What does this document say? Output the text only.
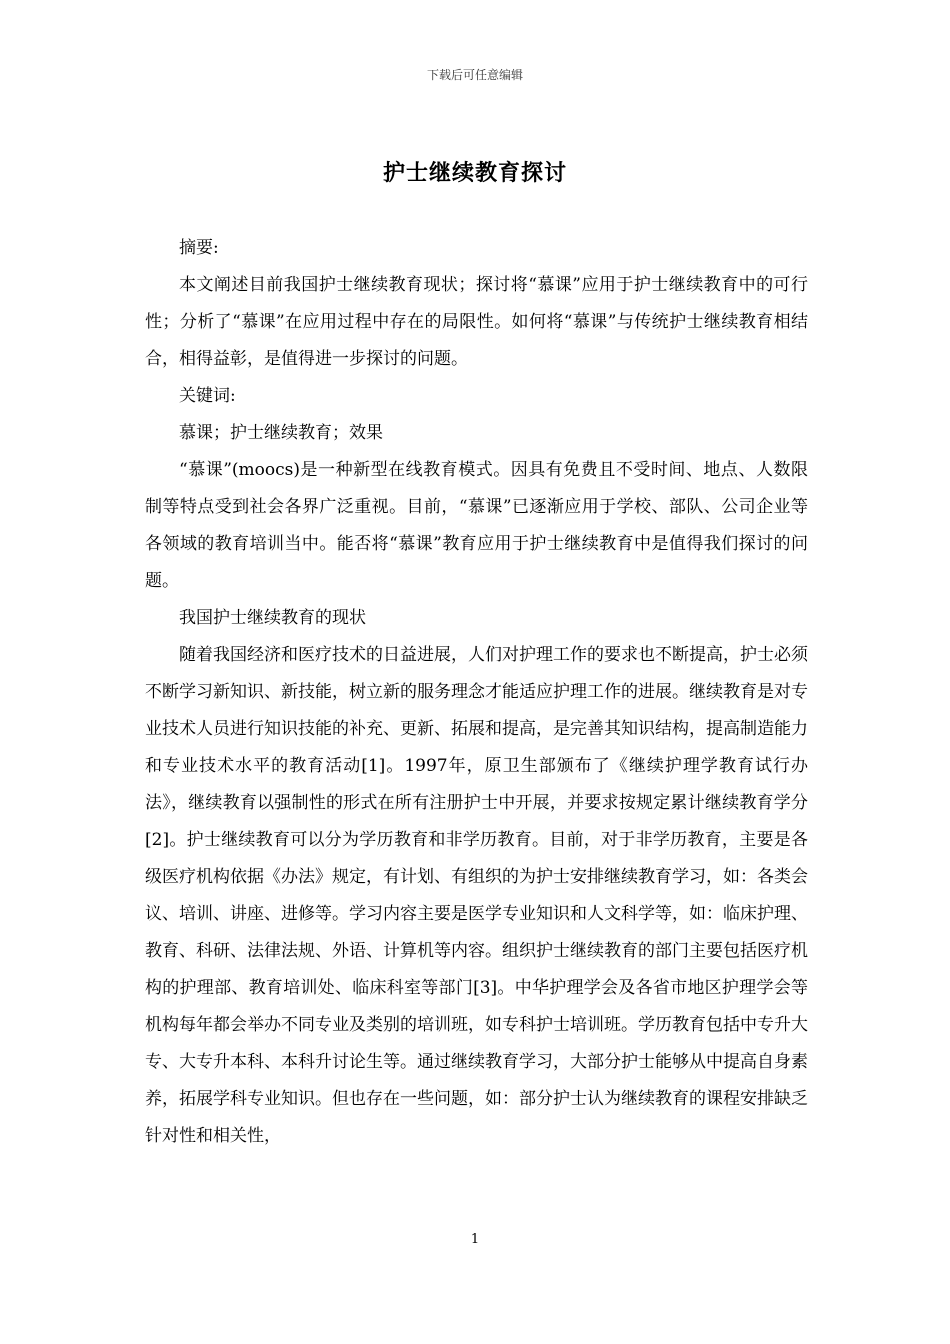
下载后可任意编辑
护士继续教育探讨

摘要:

本文阐述目前我国护士继续教育现状；探讨将“慕课”应用于护士继续教育中的可行性；分析了“慕课”在应用过程中存在的局限性。如何将“慕课”与传统护士继续教育相结合，相得益彰，是值得进一步探讨的问题。

关键词:

慕课；护士继续教育；效果

“慕课”(moocs)是一种新型在线教育模式。因具有免费且不受时间、地点、人数限制等特点受到社会各界广泛重视。目前，“慕课”已逐渐应用于学校、部队、公司企业等各领域的教育培训当中。能否将“慕课”教育应用于护士继续教育中是值得我们探讨的问题。

我国护士继续教育的现状

随着我国经济和医疗技术的日益进展，人们对护理工作的要求也不断提高，护士必须不断学习新知识、新技能，树立新的服务理念才能适应护理工作的进展。继续教育是对专业技术人员进行知识技能的补充、更新、拓展和提高，是完善其知识结构，提高制造能力和专业技术水平的教育活动[1]。1997年，原卫生部颁布了《继续护理学教育试行办法》，继续教育以强制性的形式在所有注册护士中开展，并要求按规定累计继续教育学分[2]。护士继续教育可以分为学历教育和非学历教育。目前，对于非学历教育，主要是各级医疗机构依据《办法》规定，有计划、有组织的为护士安排继续教育学习，如：各类会议、培训、讲座、进修等。学习内容主要是医学专业知识和人文科学等，如：临床护理、教育、科研、法律法规、外语、计算机等内容。组织护士继续教育的部门主要包括医疗机构的护理部、教育培训处、临床科室等部门[3]。中华护理学会及各省市地区护理学会等机构每年都会举办不同专业及类别的培训班，如专科护士培训班。学历教育包括中专升大专、大专升本科、本科升讨论生等。通过继续教育学习，大部分护士能够从中提高自身素养，拓展学科专业知识。但也存在一些问题，如：部分护士认为继续教育的课程安排缺乏针对性和相关性，

1
